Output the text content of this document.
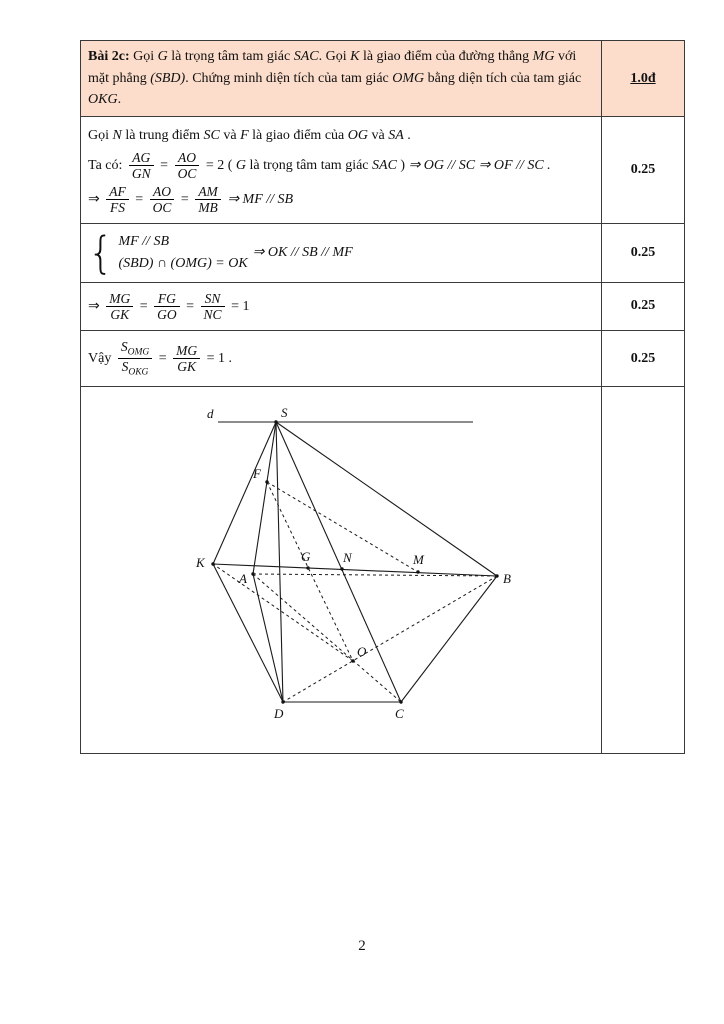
Bài 2c: Gọi G là trọng tâm tam giác SAC. Gọi K là giao điểm của đường thẳng MG với mặt phẳng (SBD). Chứng minh diện tích của tam giác OMG bằng diện tích của tam giác OKG.	1.0đ

Gọi N là trung điểm SC và F là giao điểm của OG và SA .
Ta có: $\frac{AG}{GN} = \frac{AO}{OC} = 2$ ( G là trọng tâm tam giác SAC ) ⇒ OG // SC ⇒ OF // SC .
⇒ $\frac{AF}{FS} = \frac{AO}{OC} = \frac{AM}{MB}$ ⇒ MF // SB
	0.25

{ MF // SB
(SBD) ∩ (OMG) = OK
⇒ OK // SB // MF	0.25

⇒ $\frac{MG}{GK} = \frac{FG}{GO} = \frac{SN}{NC} = 1$	0.25

Vậy $\frac{S_{OMG}}{S_{OKG}} = \frac{MG}{GK} = 1$ .	0.25

d	S
F
K
A
G	N	M
B
O
D	C

2
